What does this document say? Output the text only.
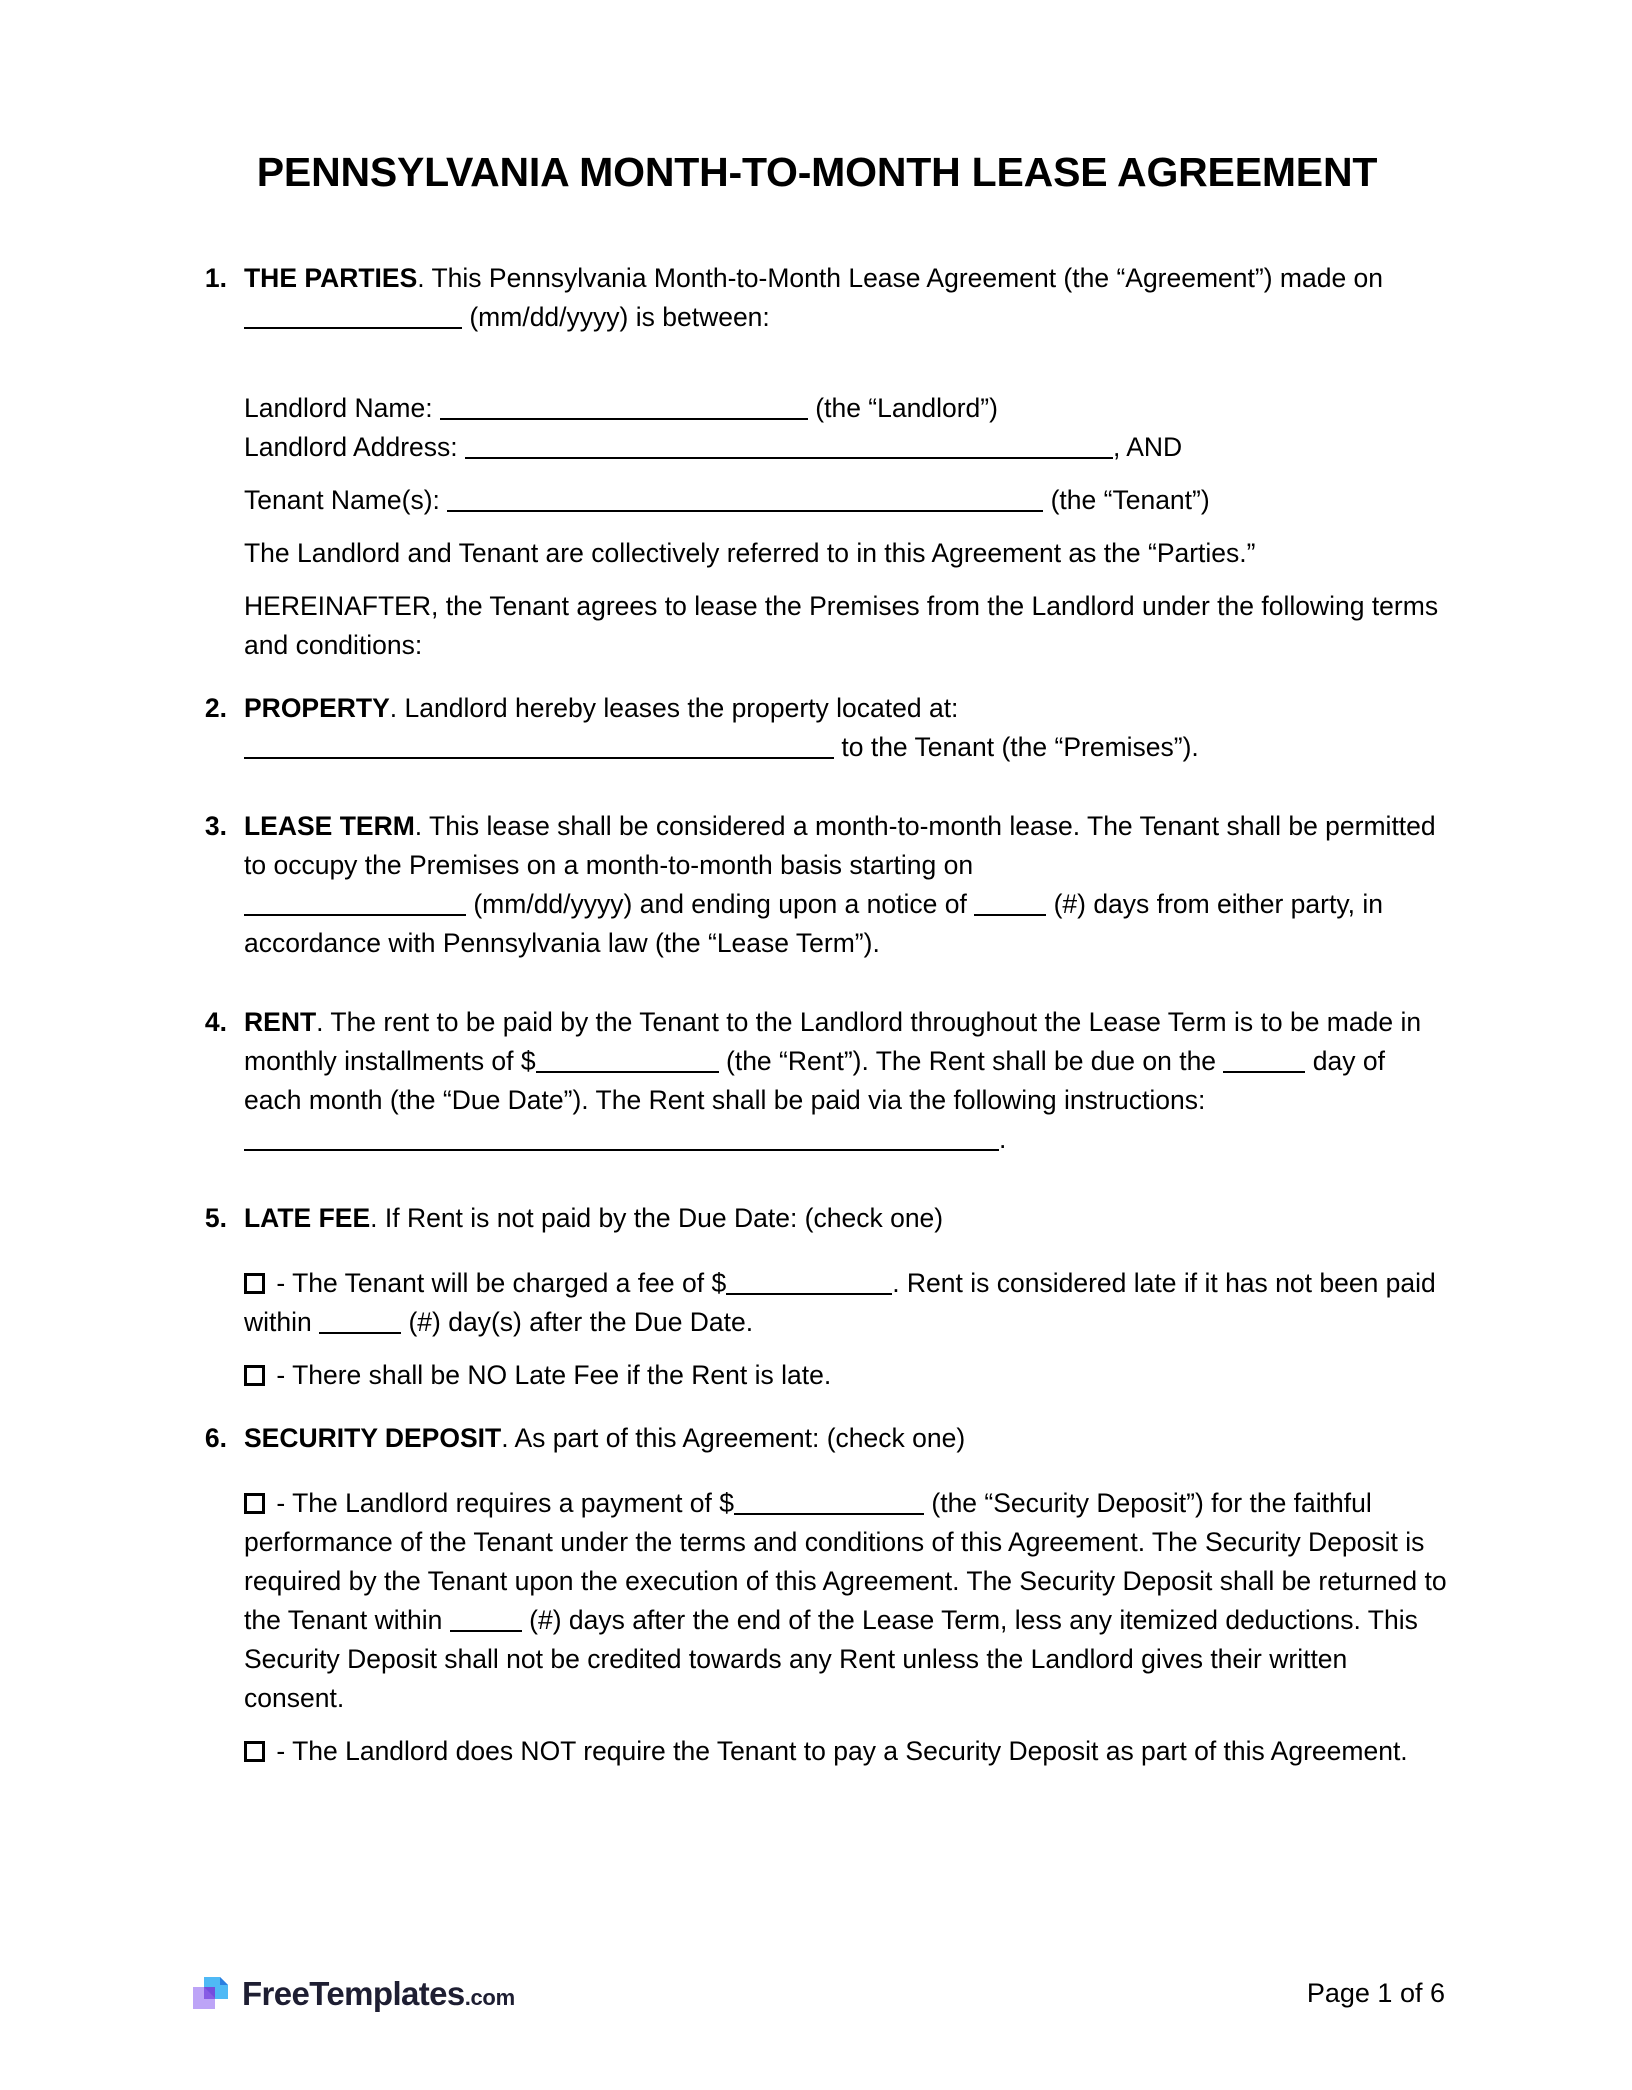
PENNSYLVANIA MONTH-TO-MONTH LEASE AGREEMENT
1. THE PARTIES. This Pennsylvania Month-to-Month Lease Agreement (the “Agreement”) made on  (mm/dd/yyyy) is between:

Landlord Name:	(the “Landlord”)

Landlord Address:	, AND

Tenant Name(s):	(the “Tenant”)

The Landlord and Tenant are collectively referred to in this Agreement as the “Parties.”

HEREINAFTER, the Tenant agrees to lease the Premises from the Landlord under the following terms and conditions:

2. PROPERTY. Landlord hereby leases the property located at:
to the Tenant (the “Premises”).
3. LEASE TERM. This lease shall be considered a month-to-month lease. The Tenant shall be permitted to occupy the Premises on a month-to-month basis starting on
(mm/dd/yyyy) and ending upon a notice of	(#) days from either party, in accordance with Pennsylvania law (the “Lease Term”).
4. RENT. The rent to be paid by the Tenant to the Landlord throughout the Lease Term is to be made in monthly installments of $	(the “Rent”). The Rent shall be due on the	day of each month (the “Due Date”). The Rent shall be paid via the following instructions: .
5. LATE FEE. If Rent is not paid by the Due Date: (check one)

- The Tenant will be charged a fee of $	. Rent is considered late if it has not been paid within	(#) day(s) after the Due Date.

- There shall be NO Late Fee if the Rent is late.

6. SECURITY DEPOSIT. As part of this Agreement: (check one)

- The Landlord requires a payment of $	(the “Security Deposit”) for the faithful performance of the Tenant under the terms and conditions of this Agreement. The Security Deposit is required by the Tenant upon the execution of this Agreement. The Security Deposit shall be returned to the Tenant within	(#) days after the end of the Lease Term, less any itemized deductions. This Security Deposit shall not be credited towards any Rent unless the Landlord gives their written consent.

- The Landlord does NOT require the Tenant to pay a Security Deposit as part of this Agreement.

FreeTemplates.com	Page 1 of 6
